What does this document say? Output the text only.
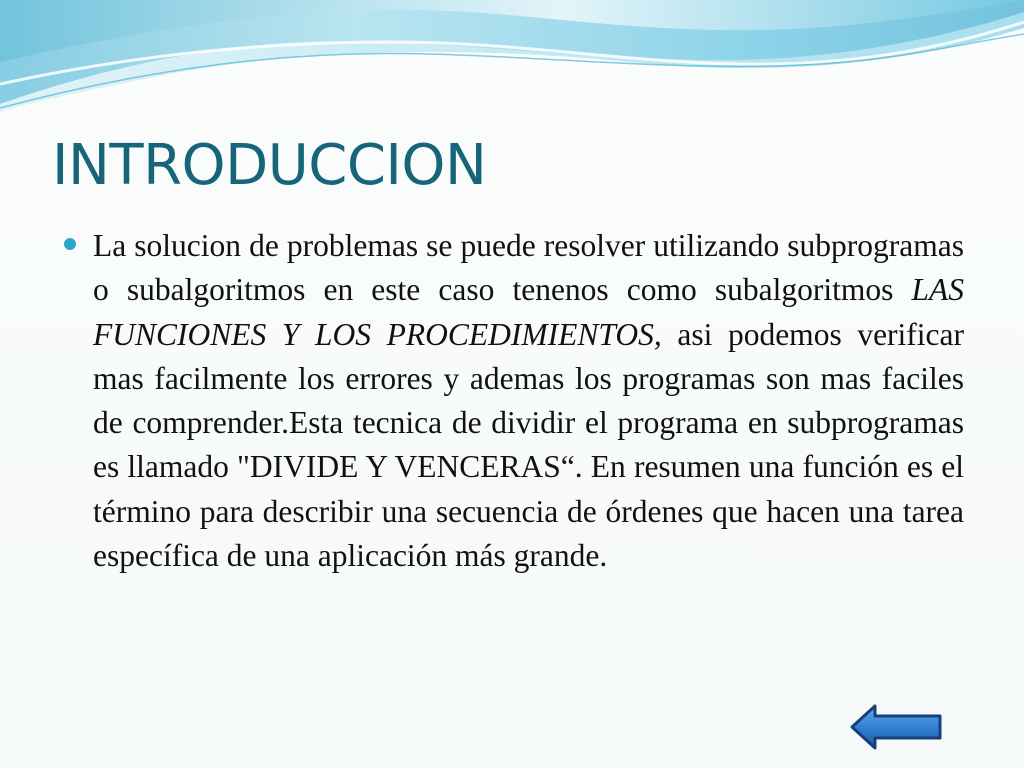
INTRODUCCION

La solucion de problemas se puede resolver utilizando subprogramas o subalgoritmos en este caso tenenos como subalgoritmos LAS FUNCIONES Y LOS PROCEDIMIENTOS, asi podemos verificar mas facilmente los errores y ademas los programas son mas faciles de comprender.Esta tecnica de dividir el programa en subprogramas es llamado "DIVIDE Y VENCERAS“. En resumen una función es el término para describir una secuencia de órdenes que hacen una tarea específica de una aplicación más grande.
